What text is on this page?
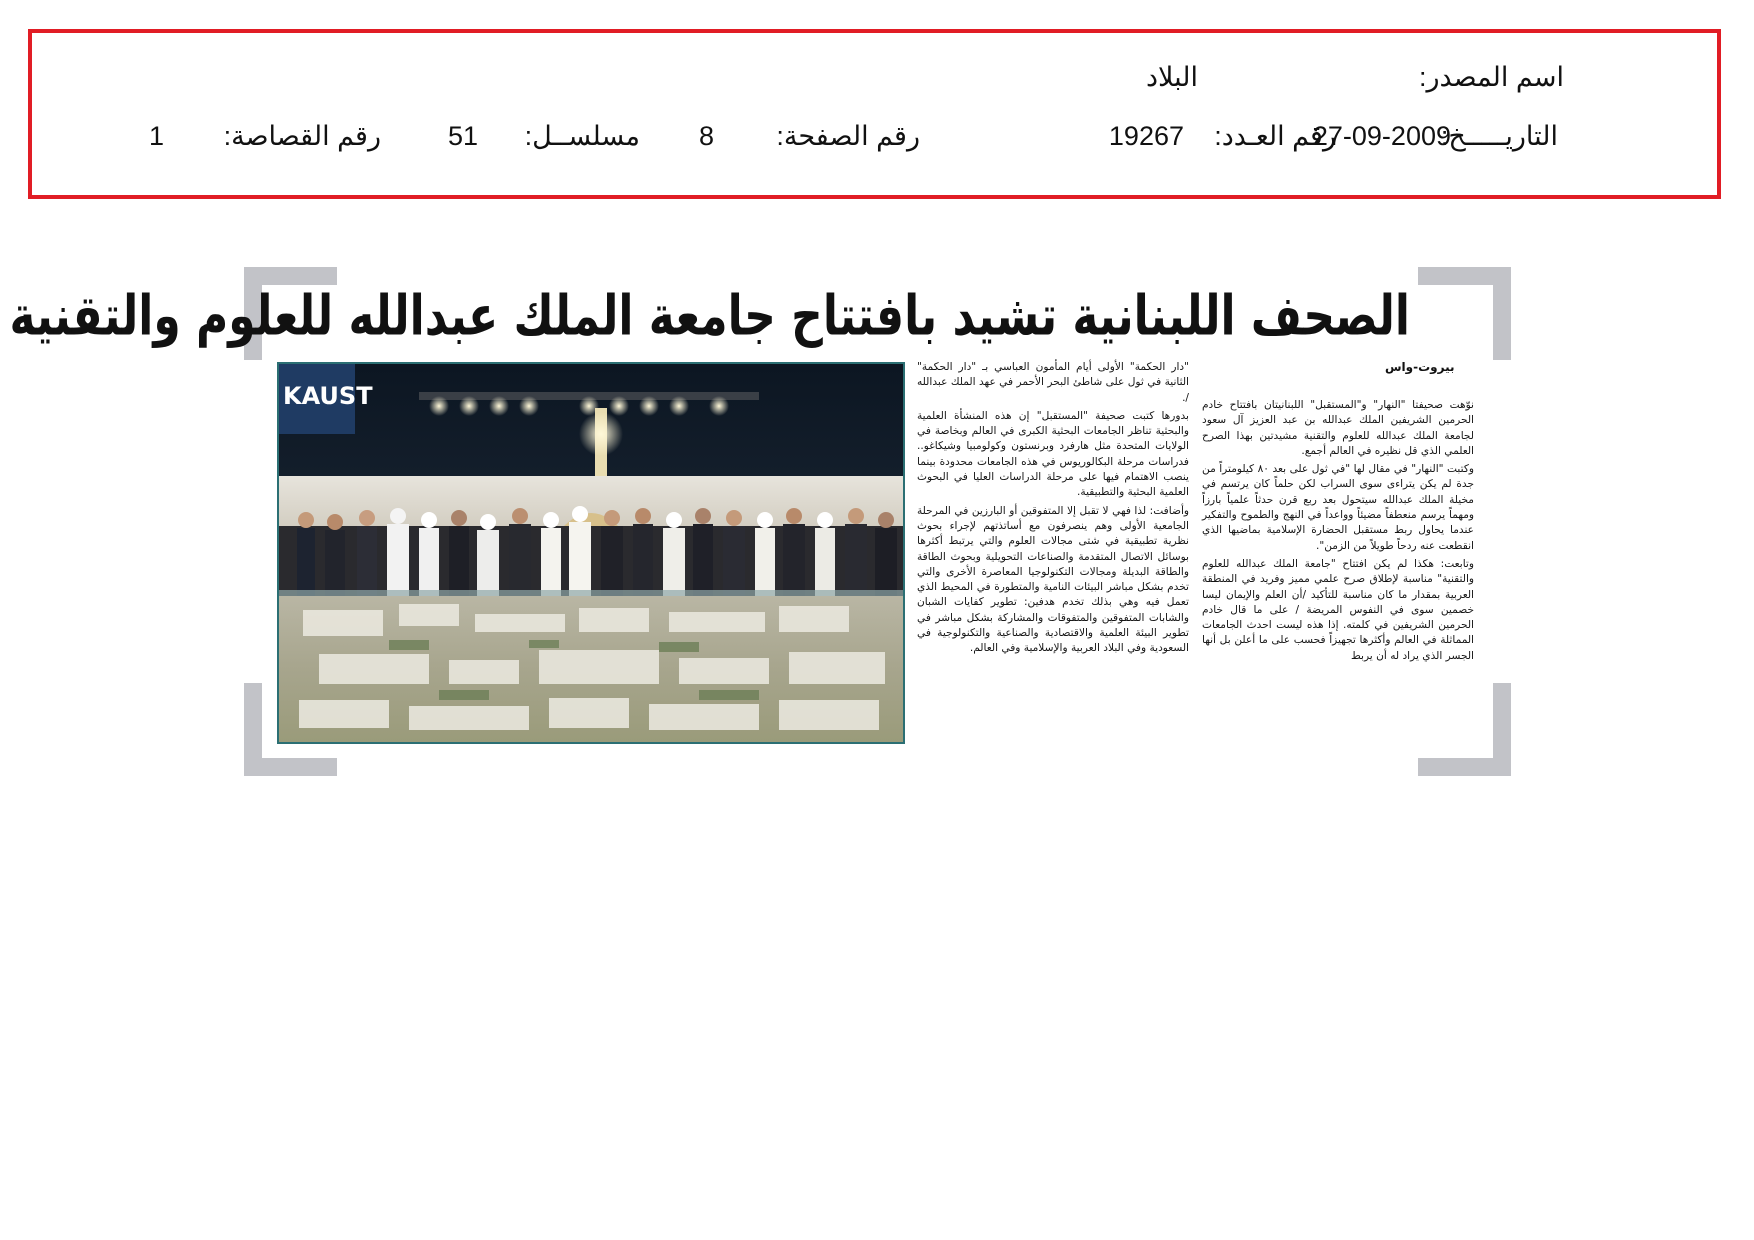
اسم المصدر:
البلاد
التاريـــــخ:
27-09-2009
رقم العـدد:
19267
رقم الصفحة:
8
مسلســل:
51
رقم القصاصة:
1
الصحف اللبنانية تشيد بافتتاح جامعة الملك عبدالله للعلوم والتقنية
بيروت-واس

نوّهت صحيفتا "النهار" و"المستقبل" اللبنانيتان بافتتاح خادم الحرمين الشريفين الملك عبدالله بن عبد العزيز آل سعود لجامعة الملك عبدالله للعلوم والتقنية مشيدتين بهذا الصرح العلمي الذي قل نظيره في العالم أجمع.

وكتبت "النهار" في مقال لها "في ثول على بعد ٨٠ كيلومتراً من جدة لم يكن يتراءى سوى السراب لكن حلماً كان يرتسم في مخيلة الملك عبدالله سيتحول بعد ربع قرن حدثاً علمياً بارزاً ومهماً يرسم منعطفاً مضيئاً وواعداً في النهج والطموح والتفكير عندما يحاول ربط مستقبل الحضارة الإسلامية بماضيها الذي انقطعت عنه ردحاً طويلاً من الزمن".

وتابعت: هكذا لم يكن افتتاح "جامعة الملك عبدالله للعلوم والتقنية" مناسبة لإطلاق صرح علمي مميز وفريد في المنطقة العربية بمقدار ما كان مناسبة للتأكيد /أن العلم والإيمان ليسا خصمين سوى في النفوس المريضة / على ما قال خادم الحرمين الشريفين في كلمته. إذا هذه ليست احدث الجامعات المماثلة في العالم وأكثرها تجهيزاً فحسب على ما أعلن بل أنها الجسر الذي يراد له أن يربط

"دار الحكمة" الأولى أيام المأمون العباسي بـ "دار الحكمة" الثانية في ثول على شاطئ البحر الأحمر في عهد الملك عبدالله /.

بدورها كتبت صحيفة "المستقبل" إن هذه المنشأة العلمية والبحثية تناظر الجامعات البحثية الكبرى في العالم وبخاصة في الولايات المتحدة مثل هارفرد وبرنستون وكولومبيا وشيكاغو.. فدراسات مرحلة البكالوريوس في هذه الجامعات محدودة بينما ينصب الاهتمام فيها على مرحلة الدراسات العليا في البحوث العلمية البحثية والتطبيقية.

وأضافت: لذا فهي لا تقبل إلا المتفوقين أو البارزين في المرحلة الجامعية الأولى وهم ينصرفون مع أساتذتهم لإجراء بحوث نظرية تطبيقية في شتى مجالات العلوم والتي يرتبط أكثرها بوسائل الاتصال المتقدمة والصناعات التحويلية وبحوث الطاقة والطاقة البديلة ومجالات التكنولوجيا المعاصرة الأخرى والتي تخدم بشكل مباشر البيئات النامية والمتطورة في المحيط الذي تعمل فيه وهي بذلك تخدم هدفين: تطوير كفايات الشبان والشابات المتفوقين والمتفوقات والمشاركة بشكل مباشر في تطوير البيئة العلمية والاقتصادية والصناعية والتكنولوجية في السعودية وفي البلاد العربية والإسلامية وفي العالم.

KAUST
